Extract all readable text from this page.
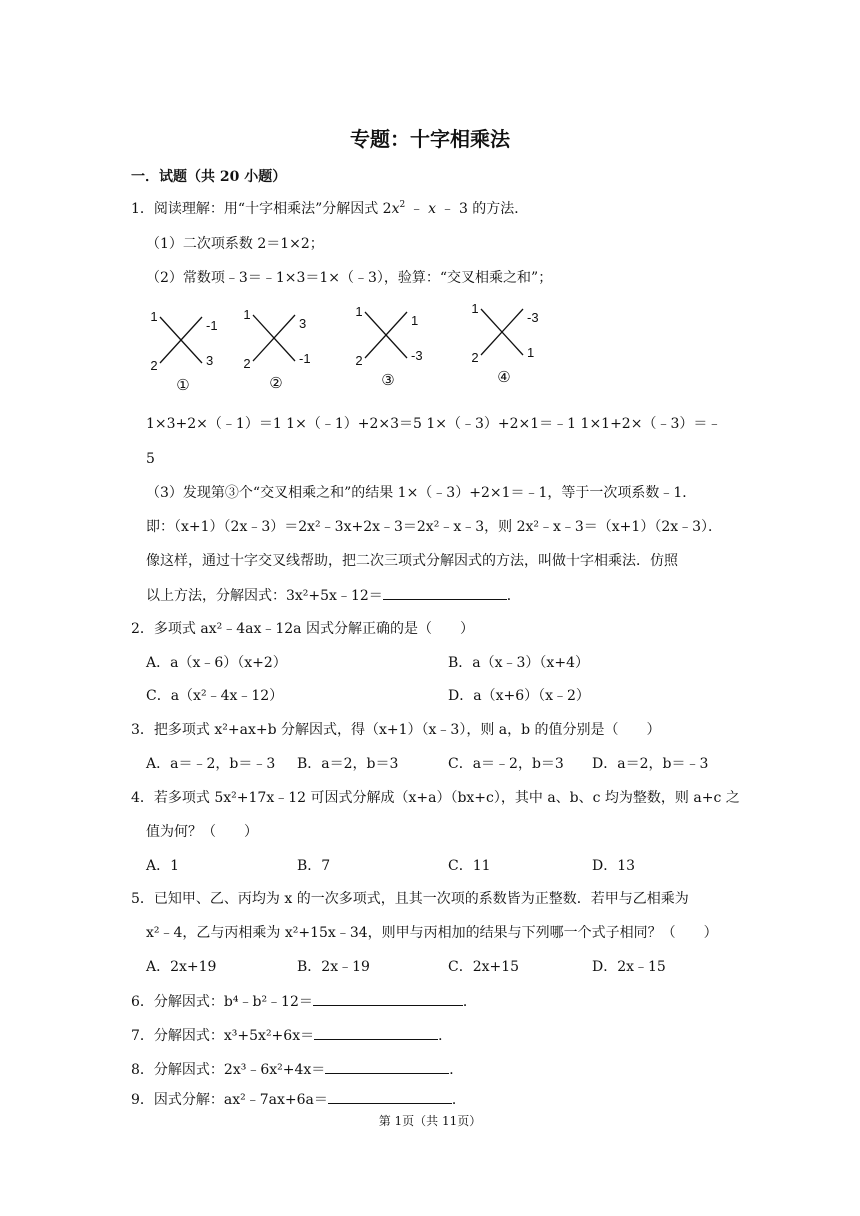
专题：十字相乘法
一．试题（共 20 小题）
1．阅读理解：用“十字相乘法”分解因式 $2x^2$ ﹣ x ﹣ 3 的方法．
（1）二次项系数 2＝1×2；
（2）常数项﹣3＝﹣1×3＝1×（﹣3），验算：“交叉相乘之和”；
1
-1
2	3
①
1
3
2	-1
②
1
1
2	-3
③
1
-3
2	1
④
1×3+2×（﹣1）＝1 1×（﹣1）+2×3＝5 1×（﹣3）+2×1＝﹣1 1×1+2×（﹣3）＝﹣
5
（3）发现第③个“交叉相乘之和”的结果 1×（﹣3）+2×1＝﹣1，等于一次项系数﹣1．
即：（x+1）（2x﹣3）＝2x²﹣3x+2x﹣3＝2x²﹣x﹣3，则 2x²﹣x﹣3＝（x+1）（2x﹣3）．
像这样，通过十字交叉线帮助，把二次三项式分解因式的方法，叫做十字相乘法．仿照
以上方法，分解因式：3x²+5x﹣12＝	．
2．多项式 ax²﹣4ax﹣12a 因式分解正确的是（　　）
A．a（x﹣6）（x+2）	B．a（x﹣3）（x+4）
C．a（x²﹣4x﹣12）	D．a（x+6）（x﹣2）
3．把多项式 x²+ax+b 分解因式，得（x+1）（x﹣3），则 a，b 的值分别是（　　）
A．a＝﹣2，b＝﹣3 B．a＝2，b＝3	C．a＝﹣2，b＝3 D．a＝2，b＝﹣3
4．若多项式 5x²+17x﹣12 可因式分解成（x+a）（bx+c），其中 a、b、c 均为整数，则 a+c 之
值为何？（　　）
A．1	B．7	C．11	D．13
5．已知甲、乙、丙均为 x 的一次多项式，且其一次项的系数皆为正整数．若甲与乙相乘为
x²﹣4，乙与丙相乘为 x²+15x﹣34，则甲与丙相加的结果与下列哪一个式子相同？（　　）
A．2x+19	B．2x﹣19	C．2x+15	D．2x﹣15
6．分解因式：b⁴﹣b²﹣12＝	．
7．分解因式：x³+5x²+6x＝	．
8．分解因式：2x³﹣6x²+4x＝	．
9．因式分解：ax²﹣7ax+6a＝	．
第 1页（共 11页）
